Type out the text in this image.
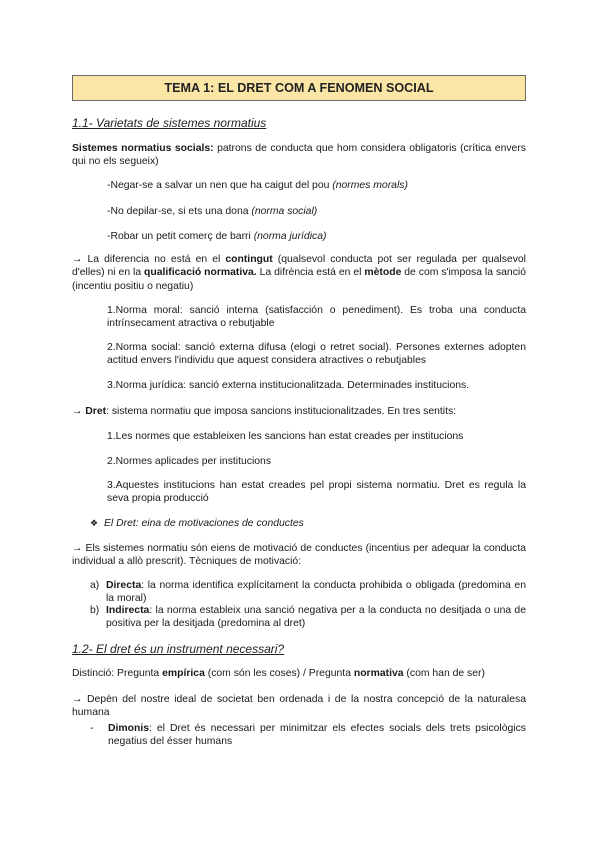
TEMA 1: EL DRET COM A FENOMEN SOCIAL
1.1- Varietats de sistemes normatius
Sistemes normatius socials: patrons de conducta que hom considera obligatoris (crítica envers qui no els segueix)
-Negar-se a salvar un nen que ha caigut del pou (normes morals)
-No depilar-se, si ets una dona (norma social)
-Robar un petit comerç de barri (norma jurídica)
→ La diferencia no está en el contingut (qualsevol conducta pot ser regulada per qualsevol d'elles) ni en la qualificació normativa. La difrència está en el mètode de com s'imposa la sanció (incentiu positiu o negatiu)
1.Norma moral: sanció interna (satisfacción o penediment). Es troba una conducta intrínsecament atractiva o rebutjable
2.Norma social: sanció externa difusa (elogi o retret social). Persones externes adopten actitud envers l'individu que aquest considera atractives o rebutjables
3.Norma jurídica: sanció externa institucionalitzada. Determinades institucions.
→ Dret: sistema normatiu que imposa sancions institucionalitzades. En tres sentits:
1.Les normes que estableixen les sancions han estat creades per institucions
2.Normes aplicades per institucions
3.Aquestes institucions han estat creades pel propi sistema normatiu. Dret es regula la seva propia producció
❖ El Dret: eina de motivaciones de conductes
→ Els sistemes normatiu són eiens de motivació de conductes (incentius per adequar la conducta individual a allò prescrit). Tècniques de motivació:
a) Directa: la norma identifica explícitament la conducta prohibida o obligada (predomina en la moral)
b) Indirecta: la norma estableix una sanció negativa per a la conducta no desitjada o una de positiva per la desitjada (predomina al dret)
1.2- El dret és un instrument necessari?
Distinció: Pregunta empírica (com són les coses) / Pregunta normativa (com han de ser)
→ Depèn del nostre ideal de societat ben ordenada i de la nostra concepció de la naturalesa humana
-	Dimonis: el Dret és necessari per minimitzar els efectes socials dels trets psicològics negatius del ésser humans
